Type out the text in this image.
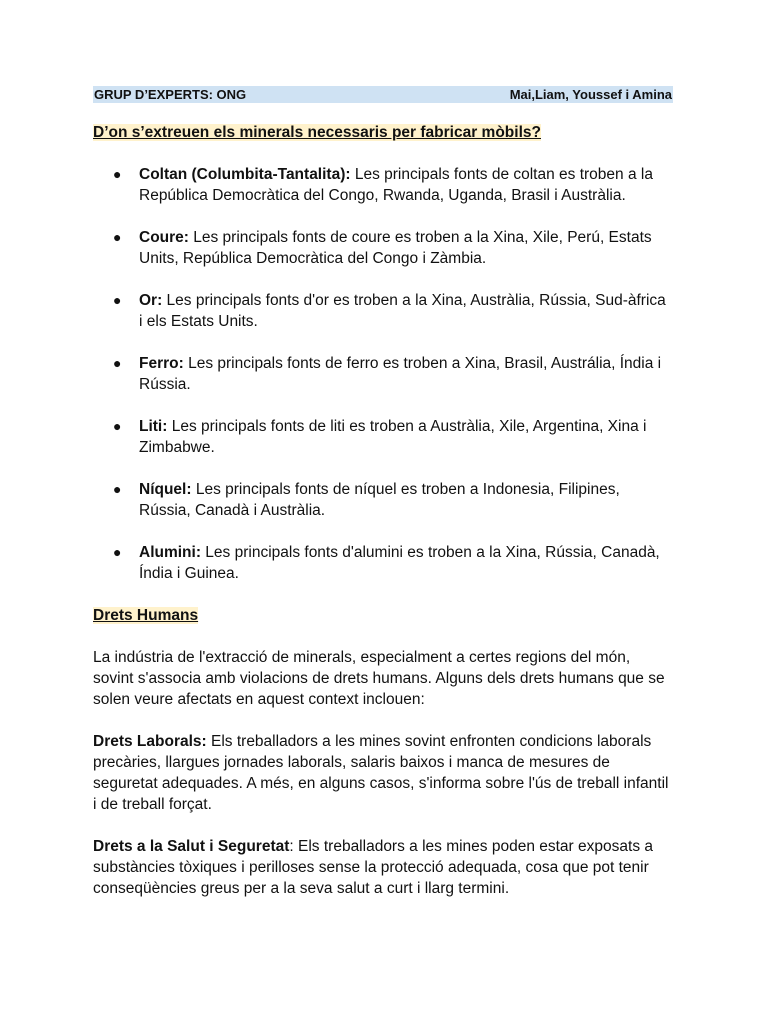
GRUP D’EXPERTS: ONG	Mai,Liam, Youssef i Amina
D’on s’extreuen els minerals necessaris per fabricar mòbils?
● Coltan (Columbita-Tantalita): Les principals fonts de coltan es troben a la República Democràtica del Congo, Rwanda, Uganda, Brasil i Austràlia.
● Coure: Les principals fonts de coure es troben a la Xina, Xile, Perú, Estats Units, República Democràtica del Congo i Zàmbia.
● Or: Les principals fonts d'or es troben a la Xina, Austràlia, Rússia, Sud-àfrica i els Estats Units.
● Ferro: Les principals fonts de ferro es troben a Xina, Brasil, Austrália, Índia i Rússia.
● Liti: Les principals fonts de liti es troben a Austràlia, Xile, Argentina, Xina i Zimbabwe.
● Níquel: Les principals fonts de níquel es troben a Indonesia, Filipines, Rússia, Canadà i Austràlia.
● Alumini: Les principals fonts d'alumini es troben a la Xina, Rússia, Canadà, Índia i Guinea.
Drets Humans

La indústria de l'extracció de minerals, especialment a certes regions del món, sovint s'associa amb violacions de drets humans. Alguns dels drets humans que se solen veure afectats en aquest context inclouen:

Drets Laborals: Els treballadors a les mines sovint enfronten condicions laborals precàries, llargues jornades laborals, salaris baixos i manca de mesures de seguretat adequades. A més, en alguns casos, s'informa sobre l'ús de treball infantil i de treball forçat.

Drets a la Salut i Seguretat: Els treballadors a les mines poden estar exposats a substàncies tòxiques i perilloses sense la protecció adequada, cosa que pot tenir conseqüències greus per a la seva salut a curt i llarg termini.
